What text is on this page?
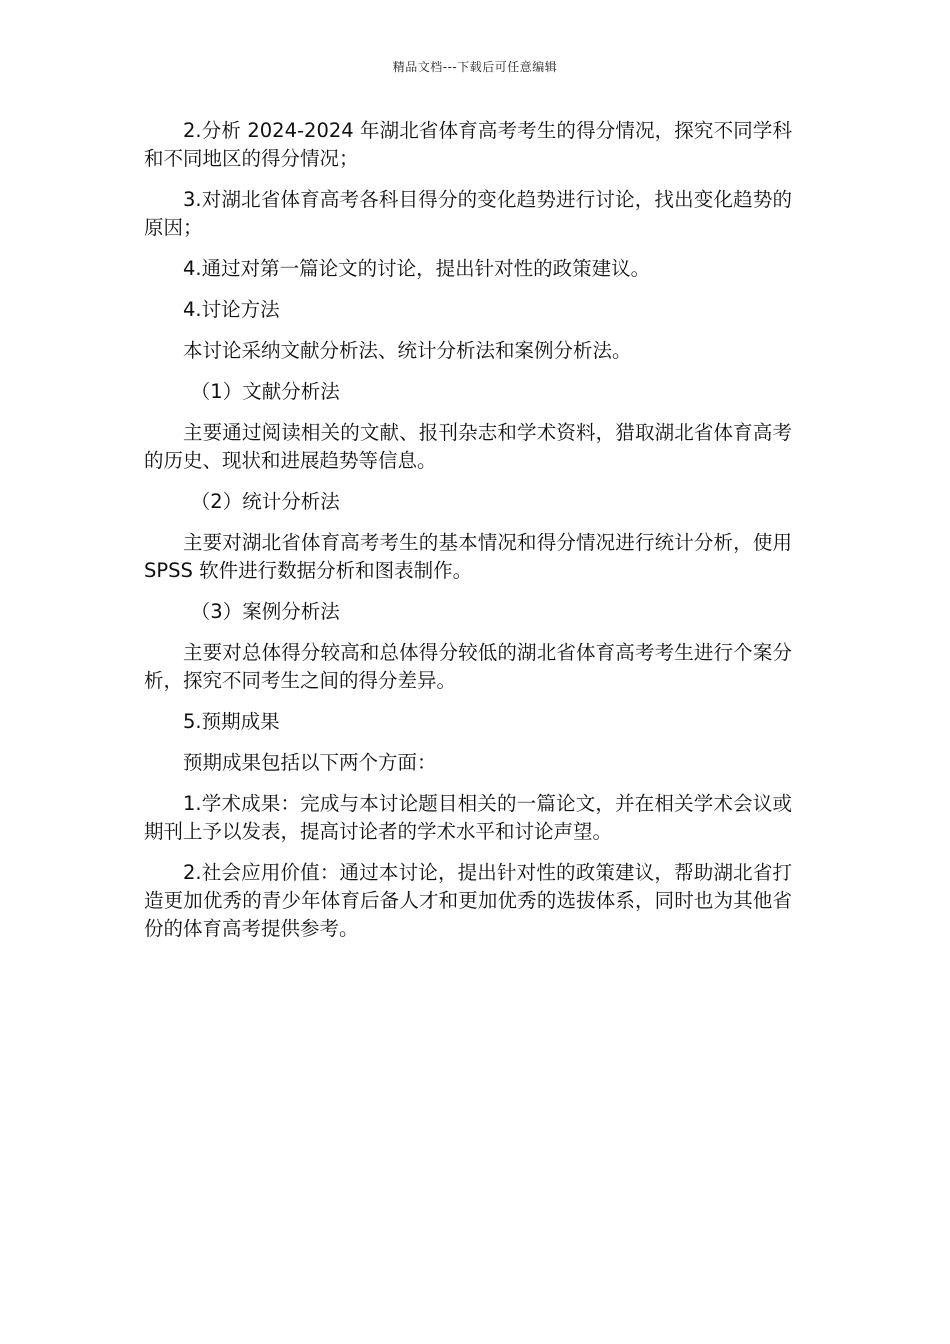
精品文档---下载后可任意编辑

2.分析 2024-2024 年湖北省体育高考考生的得分情况，探究不同学科和不同地区的得分情况；

3.对湖北省体育高考各科目得分的变化趋势进行讨论，找出变化趋势的原因；

4.通过对第一篇论文的讨论，提出针对性的政策建议。

4.讨论方法

本讨论采纳文献分析法、统计分析法和案例分析法。

（1）文献分析法

主要通过阅读相关的文献、报刊杂志和学术资料，猎取湖北省体育高考的历史、现状和进展趋势等信息。

（2）统计分析法

主要对湖北省体育高考考生的基本情况和得分情况进行统计分析，使用 SPSS 软件进行数据分析和图表制作。

（3）案例分析法

主要对总体得分较高和总体得分较低的湖北省体育高考考生进行个案分析，探究不同考生之间的得分差异。

5.预期成果

预期成果包括以下两个方面：

1.学术成果：完成与本讨论题目相关的一篇论文，并在相关学术会议或期刊上予以发表，提高讨论者的学术水平和讨论声望。

2.社会应用价值：通过本讨论，提出针对性的政策建议，帮助湖北省打造更加优秀的青少年体育后备人才和更加优秀的选拔体系，同时也为其他省份的体育高考提供参考。
